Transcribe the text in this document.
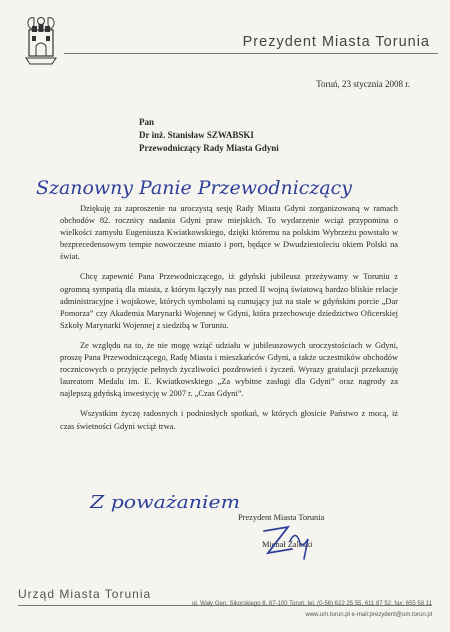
Prezydent Miasta Torunia
Toruń, 23 stycznia 2008 r.
Pan
Dr inż. Stanisław SZWABSKI
Przewodniczący Rady Miasta Gdyni
Szanowny Panie Przewodniczący

Dziękuję za zaproszenie na uroczystą sesję Rady Miasta Gdyni zorganizowaną w ramach obchodów 82. rocznicy nadania Gdyni praw miejskich. To wydarzenie wciąż przypomina o wielkości zamysłu Eugeniusza Kwiatkowskiego, dzięki któremu na polskim Wybrzeżu powstało w bezprecedensowym tempie nowoczesne miasto i port, będące w Dwudziestoleciu okiem Polski na świat.

Chcę zapewnić Pana Przewodniczącego, iż gdyński jubileusz przeżywamy w Toruniu z ogromną sympatią dla miasta, z którym łączyły nas przed II wojną światową bardzo bliskie relacje administracyjne i wojskowe, których symbolami są cumujący już na stałe w gdyńskim porcie „Dar Pomorza” czy Akademia Marynarki Wojennej w Gdyni, która przechowuje dziedzictwo Oficerskiej Szkoły Marynarki Wojennej z siedzibą w Toruniu.

Ze względu na to, że nie mogę wziąć udziału w jubileuszowych uroczystościach w Gdyni, proszę Pana Przewodniczącego, Radę Miasta i mieszkańców Gdyni, a także uczestników obchodów rocznicowych o przyjęcie pełnych życzliwości pozdrowień i życzeń. Wyrazy gratulacji przekazuję laureatom Medalu im. E. Kwiatkowskiego „Za wybitne zasługi dla Gdyni” oraz nagrody za najlepszą gdyńską inwestycję w 2007 r. „Czas Gdyni”.

Wszystkim życzę radosnych i podniosłych spotkań, w których głosicie Państwo z mocą, iż czas świetności Gdyni wciąż trwa.

Z poważaniem
Prezydent Miasta Torunia
Michał Zaleski
Urząd Miasta Torunia
ul. Wały Gen. Sikorskiego 8, 87-100 Toruń, tel. (0-56) 622 25 55, 611 87 52, fax: 655 58 11
www.um.torun.pl e-mail:prezydent@um.torun.pl
